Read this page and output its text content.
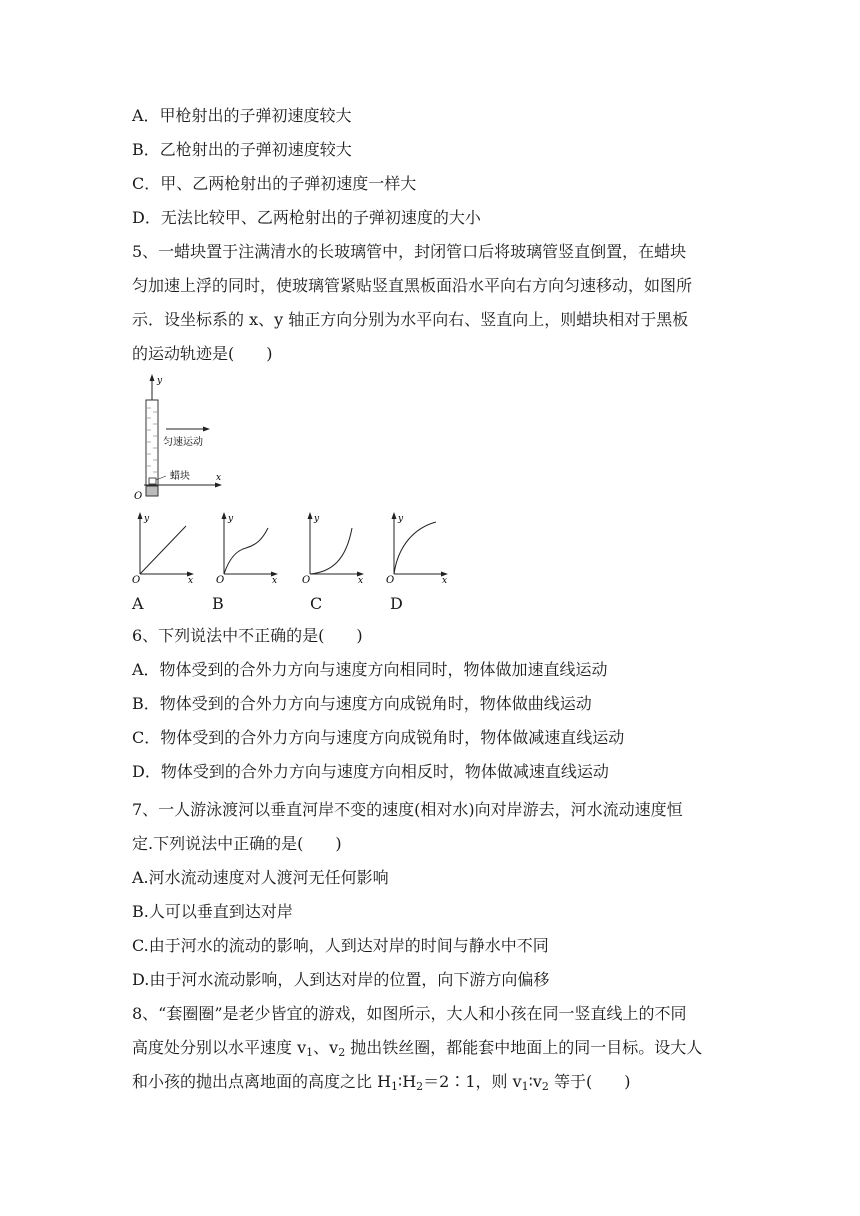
A．甲枪射出的子弹初速度较大
B．乙枪射出的子弹初速度较大
C．甲、乙两枪射出的子弹初速度一样大
D．无法比较甲、乙两枪射出的子弹初速度的大小
5、一蜡块置于注满清水的长玻璃管中，封闭管口后将玻璃管竖直倒置，在蜡块
匀加速上浮的同时，使玻璃管紧贴竖直黑板面沿水平向右方向匀速移动，如图所
示．设坐标系的 x、y 轴正方向分别为水平向右、竖直向上，则蜡块相对于黑板
的运动轨迹是(　　)
y
匀速运动
蜡块	x
O
y
x
O
y
x
O
y
x
O
y
x
O
A	B	C	D
6、下列说法中不正确的是(　　)
A．物体受到的合外力方向与速度方向相同时，物体做加速直线运动
B．物体受到的合外力方向与速度方向成锐角时，物体做曲线运动
C．物体受到的合外力方向与速度方向成锐角时，物体做减速直线运动
D．物体受到的合外力方向与速度方向相反时，物体做减速直线运动
7、一人游泳渡河以垂直河岸不变的速度(相对水)向对岸游去，河水流动速度恒
定.下列说法中正确的是(　　)
A.河水流动速度对人渡河无任何影响
B.人可以垂直到达对岸
C.由于河水的流动的影响，人到达对岸的时间与静水中不同
D.由于河水流动影响，人到达对岸的位置，向下游方向偏移
8、“套圈圈”是老少皆宜的游戏，如图所示，大人和小孩在同一竖直线上的不同
高度处分别以水平速度 $v_1$、$v_2$ 抛出铁丝圈，都能套中地面上的同一目标。设大人
和小孩的抛出点离地面的高度之比 $H_1∶H_2=2∶1$，则 $v_1∶v_2$ 等于(　　)
